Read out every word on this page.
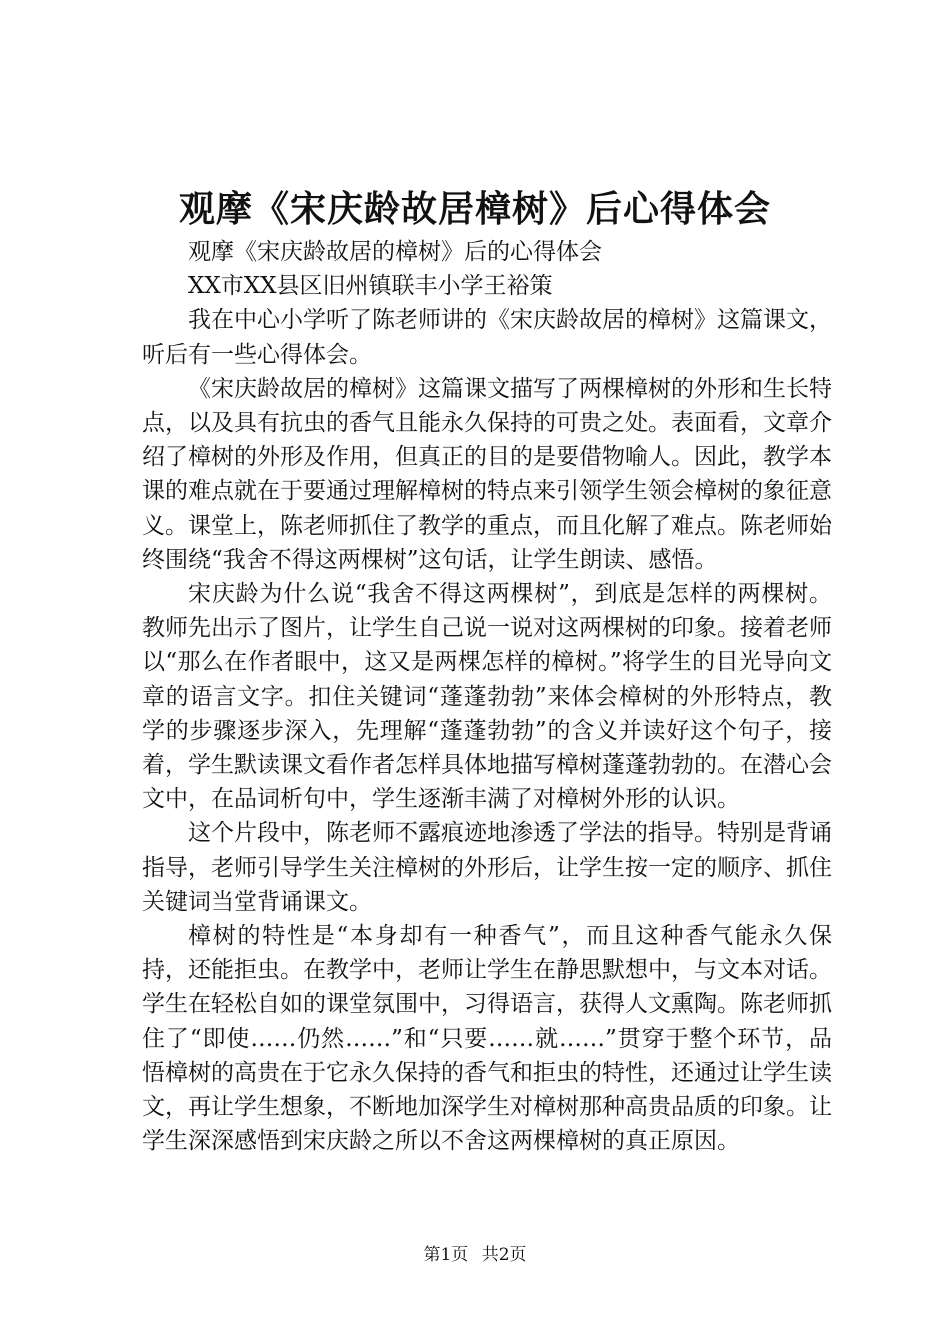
观摩《宋庆龄故居樟树》后心得体会

观摩《宋庆龄故居的樟树》后的心得体会

XX市XX县区旧州镇联丰小学王裕策

我在中心小学听了陈老师讲的《宋庆龄故居的樟树》这篇课文，听后有一些心得体会。

《宋庆龄故居的樟树》这篇课文描写了两棵樟树的外形和生长特点，以及具有抗虫的香气且能永久保持的可贵之处。表面看，文章介绍了樟树的外形及作用，但真正的目的是要借物喻人。因此，教学本课的难点就在于要通过理解樟树的特点来引领学生领会樟树的象征意义。课堂上，陈老师抓住了教学的重点，而且化解了难点。陈老师始终围绕“我舍不得这两棵树”这句话，让学生朗读、感悟。

宋庆龄为什么说“我舍不得这两棵树”，到底是怎样的两棵树。教师先出示了图片，让学生自己说一说对这两棵树的印象。接着老师以“那么在作者眼中，这又是两棵怎样的樟树。”将学生的目光导向文章的语言文字。扣住关键词“蓬蓬勃勃”来体会樟树的外形特点，教学的步骤逐步深入，先理解“蓬蓬勃勃”的含义并读好这个句子，接着，学生默读课文看作者怎样具体地描写樟树蓬蓬勃勃的。在潜心会文中，在品词析句中，学生逐渐丰满了对樟树外形的认识。

这个片段中，陈老师不露痕迹地渗透了学法的指导。特别是背诵指导，老师引导学生关注樟树的外形后，让学生按一定的顺序、抓住关键词当堂背诵课文。

樟树的特性是“本身却有一种香气”，而且这种香气能永久保持，还能拒虫。在教学中，老师让学生在静思默想中，与文本对话。学生在轻松自如的课堂氛围中，习得语言，获得人文熏陶。陈老师抓住了“即使……仍然……”和“只要……就……”贯穿于整个环节，品悟樟树的高贵在于它永久保持的香气和拒虫的特性，还通过让学生读文，再让学生想象，不断地加深学生对樟树那种高贵品质的印象。让学生深深感悟到宋庆龄之所以不舍这两棵樟树的真正原因。

第1页 共2页
